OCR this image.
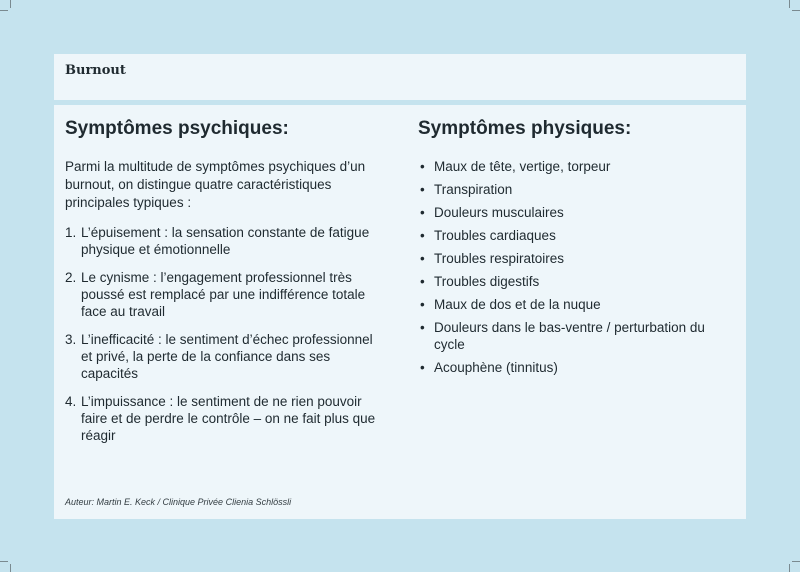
Burnout
Symptômes psychiques:

Parmi la multitude de symptômes psychiques d’un burnout, on distingue quatre caractéristiques principales typiques :

1. L’épuisement : la sensation constante de fatigue physique et émotionnelle
2. Le cynisme : l’engagement professionnel très poussé est remplacé par une indifférence totale face au travail
3. L’inefficacité : le sentiment d’échec professionnel et privé, la perte de la confiance dans ses capacités
4. L’impuissance : le sentiment de ne rien pouvoir faire et de perdre le contrôle – on ne fait plus que réagir
Symptômes physiques:
• Maux de tête, vertige, torpeur
• Transpiration
• Douleurs musculaires
• Troubles cardiaques
• Troubles respiratoires
• Troubles digestifs
• Maux de dos et de la nuque
• Douleurs dans le bas-ventre / perturbation du cycle
• Acouphène (tinnitus)
Auteur: Martin E. Keck / Clinique Privée Clienia Schlössli
